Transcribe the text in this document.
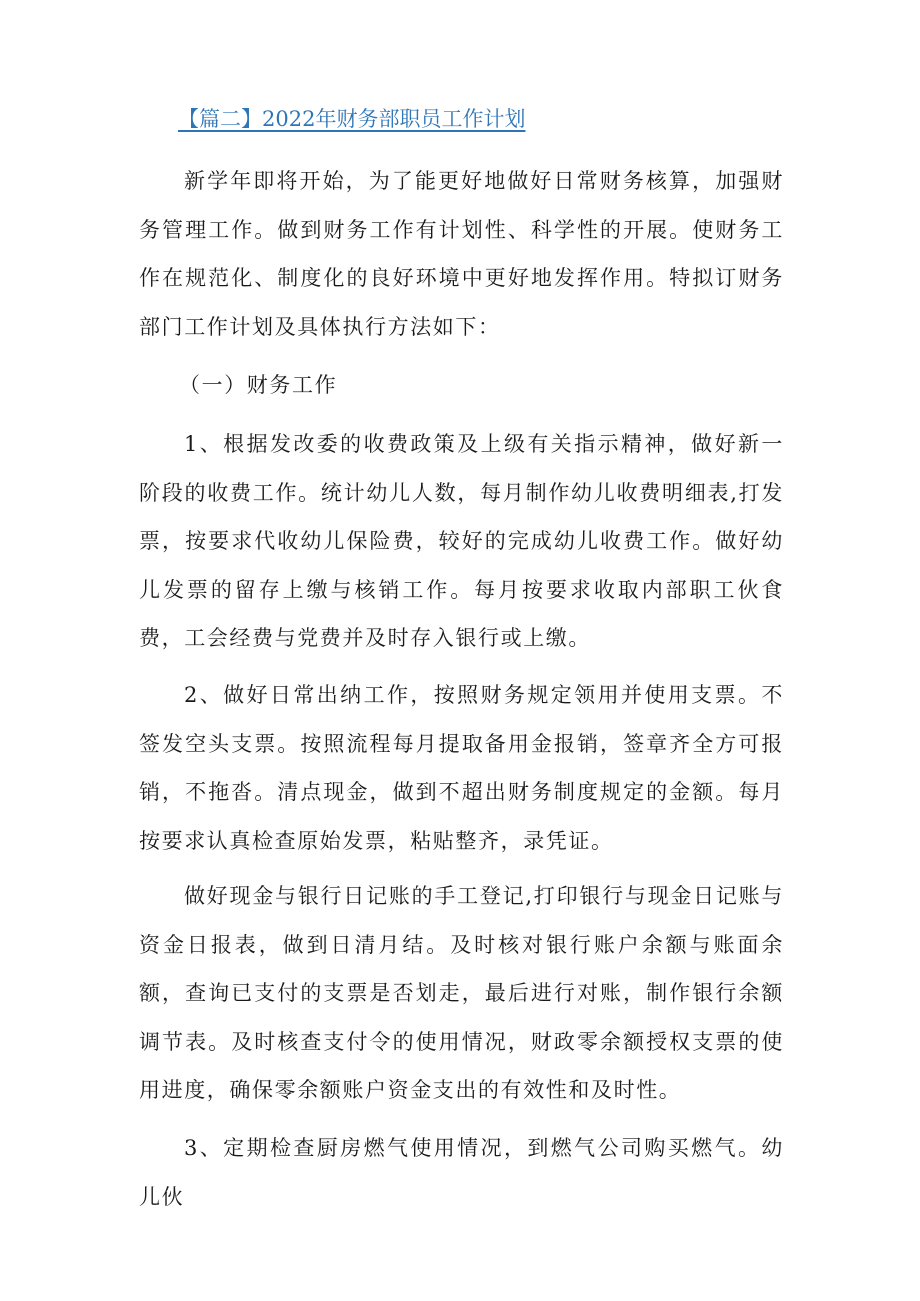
【篇二】2022年财务部职员工作计划

新学年即将开始，为了能更好地做好日常财务核算，加强财务管理工作。做到财务工作有计划性、科学性的开展。使财务工作在规范化、制度化的良好环境中更好地发挥作用。特拟订财务部门工作计划及具体执行方法如下：

（一）财务工作

1、根据发改委的收费政策及上级有关指示精神，做好新一阶段的收费工作。统计幼儿人数，每月制作幼儿收费明细表,打发票，按要求代收幼儿保险费，较好的完成幼儿收费工作。做好幼儿发票的留存上缴与核销工作。每月按要求收取内部职工伙食费，工会经费与党费并及时存入银行或上缴。

2、做好日常出纳工作，按照财务规定领用并使用支票。不签发空头支票。按照流程每月提取备用金报销，签章齐全方可报销，不拖沓。清点现金，做到不超出财务制度规定的金额。每月按要求认真检查原始发票，粘贴整齐，录凭证。

做好现金与银行日记账的手工登记,打印银行与现金日记账与资金日报表，做到日清月结。及时核对银行账户余额与账面余额，查询已支付的支票是否划走，最后进行对账，制作银行余额调节表。及时核查支付令的使用情况，财政零余额授权支票的使用进度，确保零余额账户资金支出的有效性和及时性。

3、定期检查厨房燃气使用情况，到燃气公司购买燃气。幼儿伙
